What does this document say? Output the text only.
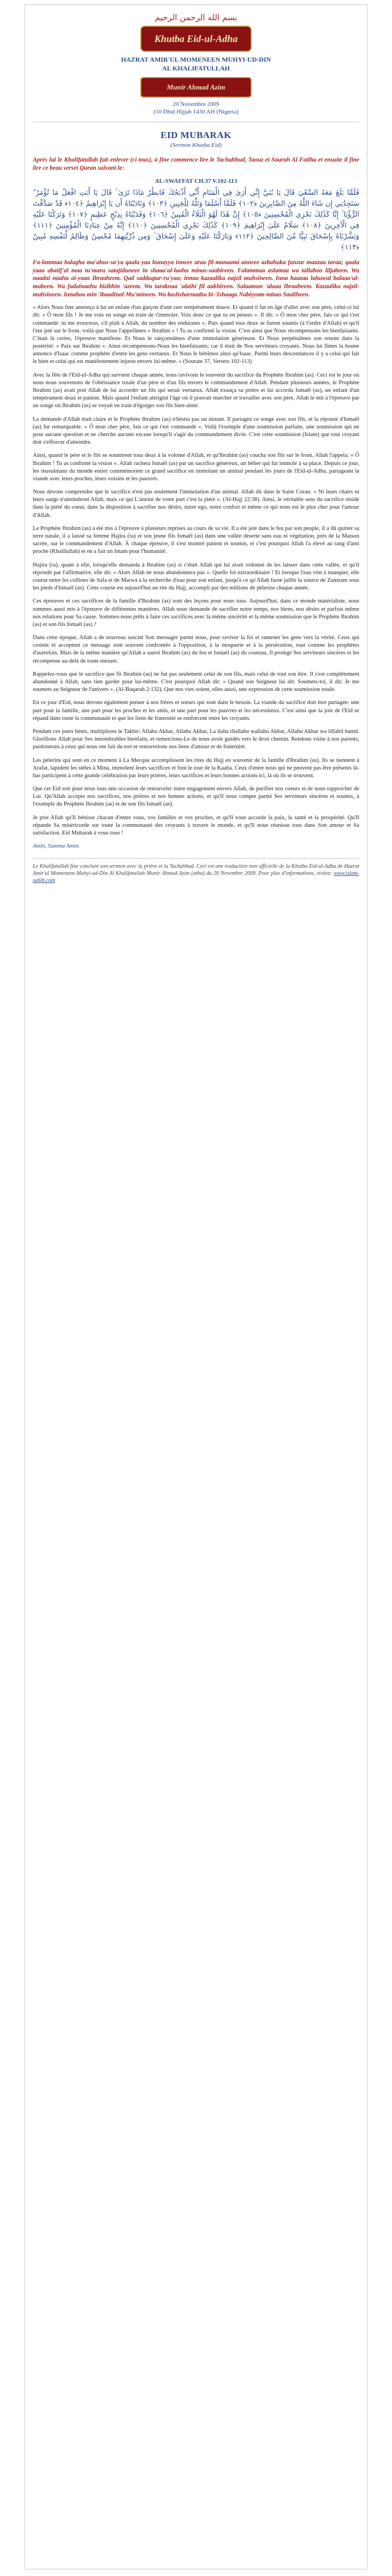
بسم الله الرحمن الرحيم
Khutba Eid-ul-Adha
HAZRAT AMIR'UL MOMENEEN MUHYI-UD-DIN
AL KHALIFATULLAH
Munir Ahmad Azim
20 Novembre 2009
(10 Dhul Hijjah 1430 AH (Nigeria)
EID MUBARAK
(Sermon Khutba Eid)
Après lui le Khalifatullah fait enlever (ci tous), à fine commence lire le Tachahhud, Taouz et Sourah Al Fatiha et ensuite il fine lire ce beau verset Quran suivant le:
AL-SWAFFAT CH.37 V.102-113
فَلَمَّا بَلَغَ مَعَهُ السَّعْيَ قَالَ يَا بُنَيَّ إِنِّي أَرَىٰ فِي الْمَنَامِ أَنِّي أَذْبَحُكَ فَانظُرْ مَاذَا تَرَىٰ ۚ قَالَ يَا أَبَتِ افْعَلْ مَا تُؤْمَرُ ۖ سَتَجِدُنِي إِن شَاءَ اللَّهُ مِنَ الصَّابِرِينَ ﴿١٠٢﴾ فَلَمَّا أَسْلَمَا وَتَلَّهُ لِلْجَبِينِ ﴿١٠٣﴾ وَنَادَيْنَاهُ أَن يَا إِبْرَاهِيمُ ﴿١٠٤﴾ قَدْ صَدَّقْتَ الرُّؤْيَا ۚ إِنَّا كَذَٰلِكَ نَجْزِي الْمُحْسِنِينَ ﴿١٠٥﴾ إِنَّ هَٰذَا لَهُوَ الْبَلَاءُ الْمُبِينُ ﴿١٠٦﴾ وَفَدَيْنَاهُ بِذِبْحٍ عَظِيمٍ ﴿١٠٧﴾ وَتَرَكْنَا عَلَيْهِ فِي الْآخِرِينَ ﴿١٠٨﴾ سَلَامٌ عَلَىٰ إِبْرَاهِيمَ ﴿١٠٩﴾ كَذَٰلِكَ نَجْزِي الْمُحْسِنِينَ ﴿١١٠﴾ إِنَّهُ مِنْ عِبَادِنَا الْمُؤْمِنِينَ ﴿١١١﴾ وَبَشَّرْنَاهُ بِإِسْحَاقَ نَبِيًّا مِّنَ الصَّالِحِينَ ﴿١١٢﴾ وَبَارَكْنَا عَلَيْهِ وَعَلَىٰ إِسْحَاقَ ۚ وَمِن ذُرِّيَّتِهِمَا مُحْسِنٌ وَظَالِمٌ لِّنَفْسِهِ مُبِينٌ ﴿١١٣﴾
Fa-lammaa balagha ma'ahus-sa'ya qaala yaa bunayya inneee araa fil-manaami anneee azbahuka fanzur maazaa taraa; qaala yaaa abatif'al maa tu'maru satajiduneee in shaaa'al-laahu minas-saabireen. Falammaa aslamaa wa tallahoo liljabeen. Wa naadai naahu ai-yaaa Ibraaheem. Qad saddaqtar-ru'yaa; innaa kazaalika najzil muhsineen. Inna haazaa lahuwal balaaa'ul-mubeen. Wa fadainaahu bizibhin 'azeem. Wa taraknaa 'alaihi fil aakhireen. Salaamun 'alaaa Ibraaheem. Kazaalika najzil-muhsineen. Innahoo min 'ibaadinal-Mu'mineen. Wa bashsharnaahu bi-'Ishaaqa Nabiyyam-minas Saaliheen.

« Alors Nous fine annonça à lui un enfant d'un garçon d'une rare tempérament douce. Et quand il fut en âge d'aller avec son père, celui-ci lui dit: « Ô mon fils ! Je me vois en songe en train de t'immoler. Vois donc ce que tu en penses ». Il dit: « Ô mon cher père, fais ce qui t'est commandé: tu me trouveras, s'il plaît à Allah, du nombre des endurants ». Puis quand tous deux se furent soumis (à l'ordre d'Allah) et qu'il l'eut jeté sur le front, voilà que Nous l'appelâmes « Ibrahim » ! Tu as confirmé la vision. C'est ainsi que Nous récompensons les bienfaisants. C'était là certes, l'épreuve manifeste. Et Nous le rançonnâmes d'une immolation généreuse. Et Nous perpétuâmes son renom dans la postérité: « Paix sur Ibrahim ». Ainsi récompensons-Nous les bienfaisants; car il était de Nos serviteurs croyants. Nous lui fîmes la bonne annonce d'Isaac comme prophète d'entre les gens vertueux. Et Nous le bénîmes ainsi qu'Isaac. Parmi leurs descendances il y a celui qui fait le bien et celui qui est manifestement injuste envers lui-même. » (Sourate 37, Versets 102-113)

Avec la fête de l'Eid-ul-Adha qui survient chaque année, nous ravivons le souvenir du sacrifice du Prophète Ibrahim (as). Ceci est le jour où nous nous souvenons de l'obéissance totale d'un père et d'un fils envers le commandement d'Allah. Pendant plusieurs années, le Prophète Ibrahim (as) avait prié Allah de lui accorder un fils qui serait vertueux. Allah exauça sa prière et lui accorda Ismaël (as), un enfant d'un tempérament doux et patient. Mais quand l'enfant atteignit l'âge où il pouvait marcher et travailler avec son père, Allah le mit à l'épreuve par un songe où Ibrahim (as) se voyait en train d'égorger son fils bien-aimé.

La demande d'Allah était claire et le Prophète Ibrahim (as) n'hésita pas un instant. Il partagea ce songe avec son fils, et la réponse d'Ismaël (as) fut remarquable: « Ô mon cher père, fais ce qui t'est commandé ». Voilà l'exemple d'une soumission parfaite, une soumission qui ne pose aucune question et ne cherche aucune excuse lorsqu'il s'agit du commandement divin. C'est cette soumission (Islam) que tout croyant doit s'efforcer d'atteindre.

Ainsi, quand le père et le fils se soumirent tous deux à la volonté d'Allah, et qu'Ibrahim (as) coucha son fils sur le front, Allah l'appela: « Ô Ibrahim ! Tu as confirmé la vision ». Allah racheta Ismaël (as) par un sacrifice généreux, un bélier qui fut immolé à sa place. Depuis ce jour, les musulmans du monde entier commémorent ce grand sacrifice en immolant un animal pendant les jours de l'Eid-ul-Adha, partageant la viande avec leurs proches, leurs voisins et les pauvres.

Nous devons comprendre que le sacrifice n'est pas seulement l'immolation d'un animal. Allah dit dans le Saint Coran: « Ni leurs chairs ni leurs sangs n'atteindront Allah, mais ce qui L'atteint de votre part c'est la piété ». (Al-Hajj 22:38). Ainsi, le véritable sens du sacrifice réside dans la piété du coeur, dans la disposition à sacrifier nos désirs, notre ego, notre confort et même ce qui nous est le plus cher pour l'amour d'Allah.

Le Prophète Ibrahim (as) a été mis à l'épreuve à plusieurs reprises au cours de sa vie. Il a été jeté dans le feu par son peuple, il a dû quitter sa terre natale, il a laissé sa femme Hajira (ra) et son jeune fils Ismaël (as) dans une vallée déserte sans eau ni végétation, près de la Maison sacrée, sur le commandement d'Allah. À chaque épreuve, il s'est montré patient et soumis, et c'est pourquoi Allah l'a élevé au rang d'ami proche (Khalilullah) et en a fait un Imam pour l'humanité.

Hajira (ra), quant à elle, lorsqu'elle demanda à Ibrahim (as) si c'était Allah qui lui avait ordonné de les laisser dans cette vallée, et qu'il répondit par l'affirmative, elle dit: « Alors Allah ne nous abandonnera pas ». Quelle foi extraordinaire ! Et lorsque l'eau vint à manquer, elle courut entre les collines de Safa et de Marwa à la recherche d'eau pour son enfant, jusqu'à ce qu'Allah fasse jaillir la source de Zamzam sous les pieds d'Ismaël (as). Cette course est aujourd'hui un rite du Hajj, accompli par des millions de pèlerins chaque année.

Ces épreuves et ces sacrifices de la famille d'Ibrahim (as) sont des leçons pour nous tous. Aujourd'hui, dans ce monde matérialiste, nous sommes aussi mis à l'épreuve de différentes manières. Allah nous demande de sacrifier notre temps, nos biens, nos désirs et parfois même nos relations pour Sa cause. Sommes-nous prêts à faire ces sacrifices avec la même sincérité et la même soumission que le Prophète Ibrahim (as) et son fils Ismaël (as) ?

Dans cette époque, Allah a de nouveau suscité Son messager parmi nous, pour raviver la foi et ramener les gens vers la vérité. Ceux qui croient et acceptent ce message sont souvent confrontés à l'opposition, à la moquerie et à la persécution, tout comme les prophètes d'autrefois. Mais de la même manière qu'Allah a sauvé Ibrahim (as) du feu et Ismaël (as) du couteau, Il protège Ses serviteurs sincères et les récompense au-delà de toute mesure.

Rappelez-vous que le sacrifice que fit Ibrahim (as) ne fut pas seulement celui de son fils, mais celui de tout son être. Il s'est complètement abandonné à Allah, sans rien garder pour lui-même. C'est pourquoi Allah dit: « Quand son Seigneur lui dit: Soumets-toi, il dit: Je me soumets au Seigneur de l'univers ». (Al-Baqarah 2:132). Que nos vies soient, elles aussi, une expression de cette soumission totale.

En ce jour d'Eid, nous devons également penser à nos frères et soeurs qui sont dans le besoin. La viande du sacrifice doit être partagée: une part pour la famille, une part pour les proches et les amis, et une part pour les pauvres et les nécessiteux. C'est ainsi que la joie de l'Eid se répand dans toute la communauté et que les liens de fraternité se renforcent entre les croyants.

Pendant ces jours bénis, multiplions le Takbir: Allahu Akbar, Allahu Akbar, La ilaha illallahu wallahu Akbar, Allahu Akbar wa lillahil hamd. Glorifions Allah pour Ses innombrables bienfaits, et remercions-Le de nous avoir guidés vers le droit chemin. Rendons visite à nos parents, pardonnons à ceux qui nous ont fait du tort et renouvelons nos liens d'amour et de fraternité.

Les pèlerins qui sont en ce moment à La Mecque accomplissent les rites du Hajj en souvenir de la famille d'Ibrahim (as). Ils se tiennent à Arafat, lapident les stèles à Mina, immolent leurs sacrifices et font le tour de la Kaaba. Ceux d'entre nous qui ne peuvent pas être présents là-bas participent à cette grande célébration par leurs prières, leurs sacrifices et leurs bonnes actions ici, là où ils se trouvent.

Que cet Eid soit pour nous tous une occasion de renouveler notre engagement envers Allah, de purifier nos coeurs et de nous rapprocher de Lui. Qu'Allah accepte nos sacrifices, nos prières et nos bonnes actions, et qu'Il nous compte parmi Ses serviteurs sincères et soumis, à l'exemple du Prophète Ibrahim (as) et de son fils Ismaël (as).

Je prie Allah qu'Il bénisse chacun d'entre vous, vos familles et vos proches, et qu'Il vous accorde la paix, la santé et la prospérité. Qu'Il répande Sa miséricorde sur toute la communauté des croyants à travers le monde, et qu'Il nous réunisse tous dans Son amour et Sa satisfaction. Eid Mubarak à vous tous !

Amin, Summa Amin.

Le Khalifatullah fine conclure son sermon avec la prière et la Tachahhud. Ceci est une traduction non officielle de la Khutba Eid-ul-Adha de Hazrat Amir'ul Momeneen Muhyi-ud-Din Al Khalifatullah Munir Ahmad Azim (atba) du 20 Novembre 2009. Pour plus d'informations, visitez: www.islam-sahih.com
